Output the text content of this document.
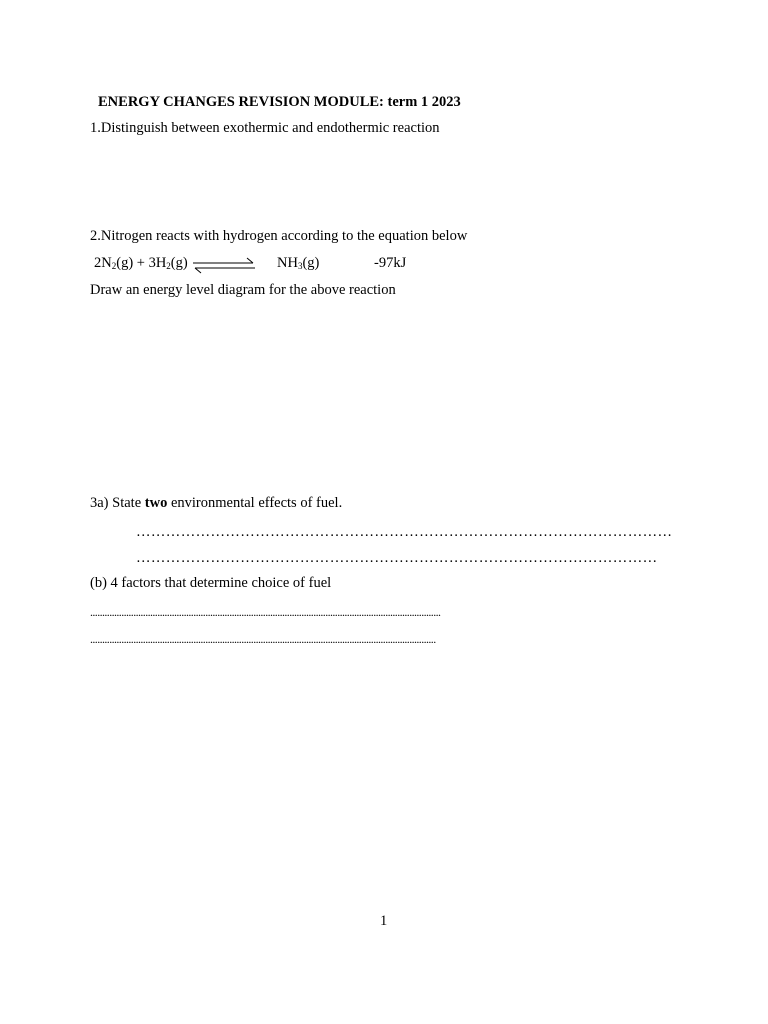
ENERGY CHANGES REVISION MODULE: term 1 2023
1.Distinguish between exothermic and endothermic reaction
2.Nitrogen reacts with hydrogen according to the equation below
$2N_2(g) + 3H_2(g)$	$NH_3(g)$	-97kJ
Draw an energy level diagram for the above reaction
3a) State two environmental effects of fuel.
………………………………………………………………………………………………
……………………………………………………………………………………………
(b) 4 factors that determine choice of fuel
..................................................................................................................................................
................................................................................................................................................
1
